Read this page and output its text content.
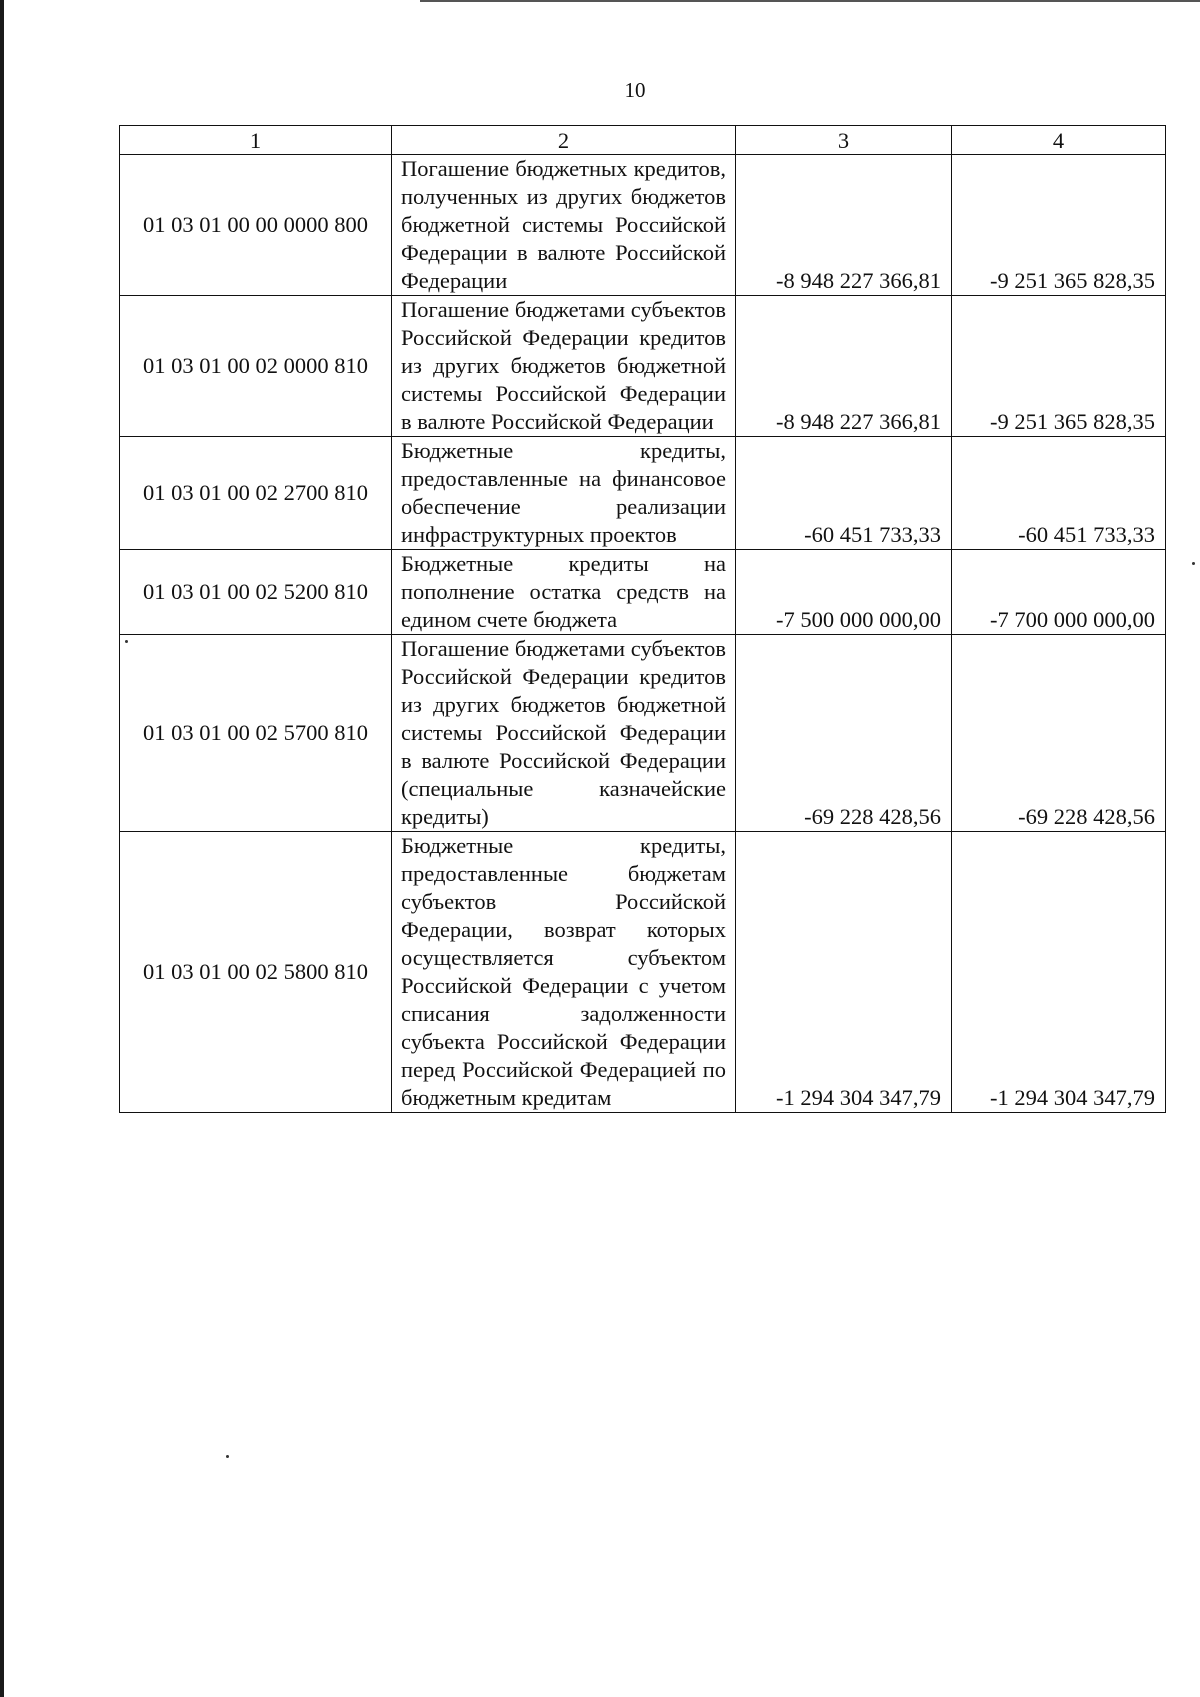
10
1	2	3	4
01 03 01 00 00 0000 800	Погашение бюджетных кредитов, полученных из других бюджетов бюджетной системы Российской Федерации в валюте Российской Федерации	-8 948 227 366,81	-9 251 365 828,35
01 03 01 00 02 0000 810	Погашение бюджетами субъектов Российской Федерации кредитов из других бюджетов бюджетной системы Российской Федерации в валюте Российской Федерации	-8 948 227 366,81	-9 251 365 828,35
01 03 01 00 02 2700 810	Бюджетные кредиты, предоставленные на финансовое обеспечение реализации инфраструктурных проектов	-60 451 733,33	-60 451 733,33
01 03 01 00 02 5200 810	Бюджетные кредиты на пополнение остатка средств на едином счете бюджета	-7 500 000 000,00	-7 700 000 000,00
01 03 01 00 02 5700 810	Погашение бюджетами субъектов Российской Федерации кредитов из других бюджетов бюджетной системы Российской Федерации в валюте Российской Федерации (специальные казначейские кредиты)	-69 228 428,56	-69 228 428,56
01 03 01 00 02 5800 810	Бюджетные кредиты, предоставленные бюджетам субъектов Российской Федерации, возврат которых осуществляется субъектом Российской Федерации с учетом списания задолженности субъекта Российской Федерации перед Российской Федерацией по бюджетным кредитам	-1 294 304 347,79	-1 294 304 347,79
